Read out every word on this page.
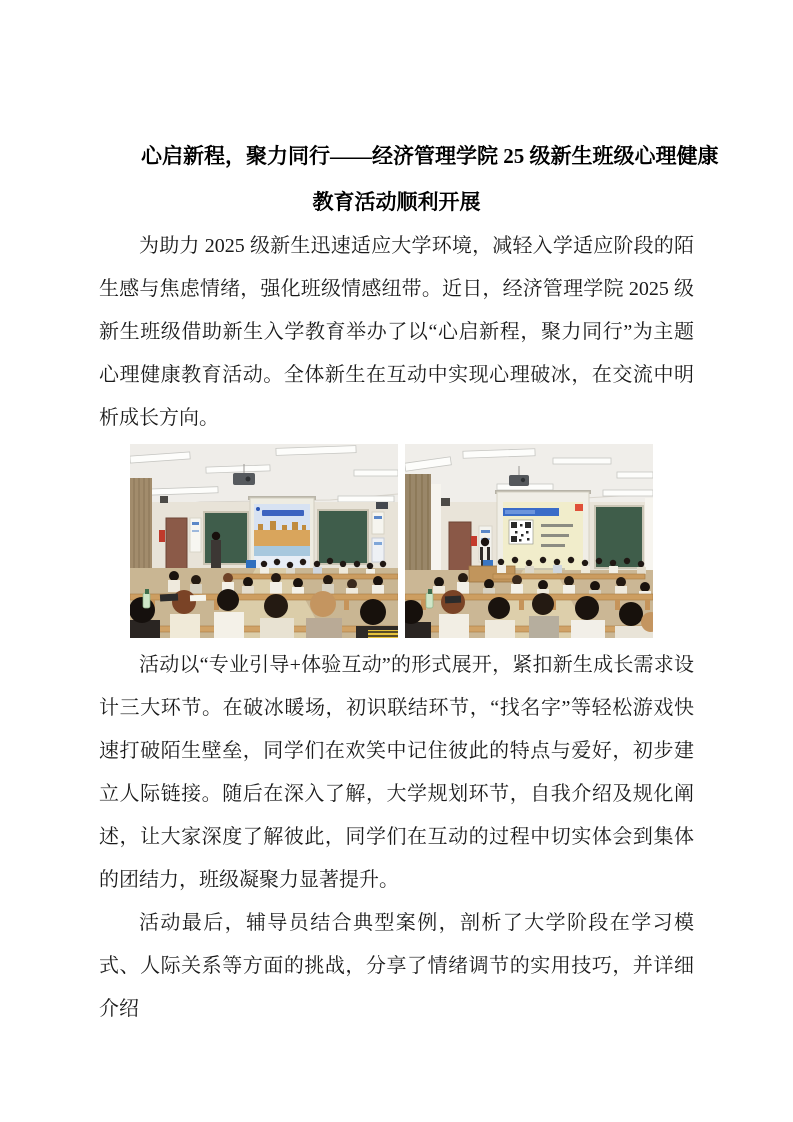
心启新程，聚力同行——经济管理学院 25 级新生班级心理健康
教育活动顺利开展

为助力 2025 级新生迅速适应大学环境，减轻入学适应阶段的陌生感与焦虑情绪，强化班级情感纽带。近日，经济管理学院 2025 级新生班级借助新生入学教育举办了以“心启新程，聚力同行”为主题心理健康教育活动。全体新生在互动中实现心理破冰，在交流中明析成长方向。

活动以“专业引导+体验互动”的形式展开，紧扣新生成长需求设计三大环节。在破冰暖场，初识联结环节，“找名字”等轻松游戏快速打破陌生壁垒，同学们在欢笑中记住彼此的特点与爱好，初步建立人际链接。随后在深入了解，大学规划环节，自我介绍及规化阐述，让大家深度了解彼此，同学们在互动的过程中切实体会到集体的团结力，班级凝聚力显著提升。

活动最后，辅导员结合典型案例，剖析了大学阶段在学习模式、人际关系等方面的挑战，分享了情绪调节的实用技巧，并详细介绍
